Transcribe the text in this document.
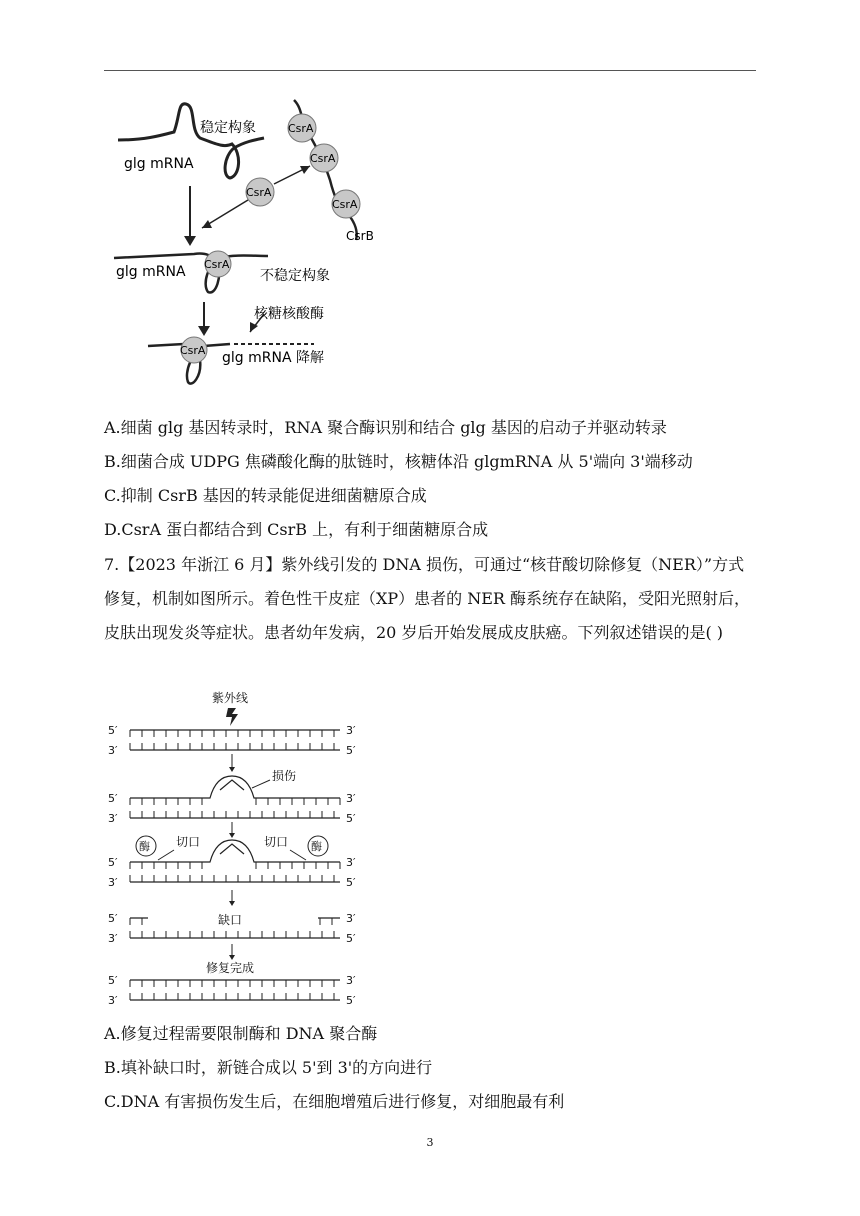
稳定构象
glg mRNA
CsrA
CsrA
CsrA
CsrB
CsrA
CsrA
glg mRNA	不稳定构象
核糖核酸酶
CsrA glg mRNA 降解

A.细菌 glg 基因转录时，RNA 聚合酶识别和结合 glg 基因的启动子并驱动转录

B.细菌合成 UDPG 焦磷酸化酶的肽链时，核糖体沿 glgmRNA 从 5'端向 3'端移动

C.抑制 CsrB 基因的转录能促进细菌糖原合成

D.CsrA 蛋白都结合到 CsrB 上，有利于细菌糖原合成

7.【2023 年浙江 6 月】紫外线引发的 DNA 损伤，可通过“核苷酸切除修复（NER）”方式修复，机制如图所示。着色性干皮症（XP）患者的 NER 酶系统存在缺陷，受阳光照射后，皮肤出现发炎等症状。患者幼年发病，20 岁后开始发展成皮肤癌。下列叙述错误的是( )

紫外线
5′	3′
3′	5′
5′	3′
3′	5′
损伤
5′	3′
3′	5′
酶	酶
切口	切口
5′	3′
3′	5′
缺口
修复完成
5′	3′
3′	5′

A.修复过程需要限制酶和 DNA 聚合酶

B.填补缺口时，新链合成以 5'到 3'的方向进行

C.DNA 有害损伤发生后，在细胞增殖后进行修复，对细胞最有利

3
